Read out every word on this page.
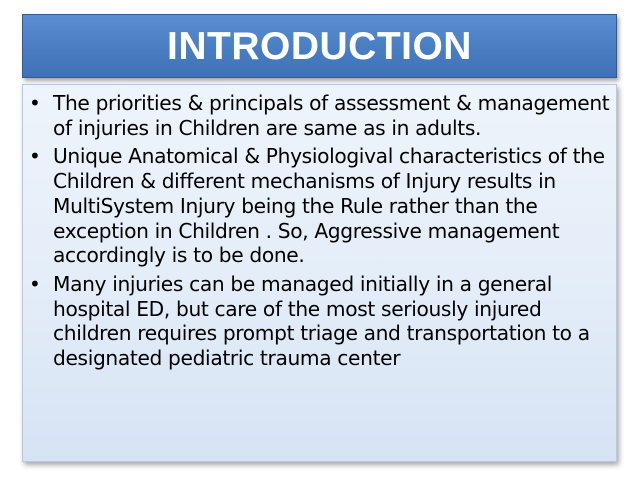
INTRODUCTION
• The priorities & principals of assessment & management of injuries in Children are same as in adults.
• Unique Anatomical & Physiologival characteristics of the Children & different mechanisms of Injury results in MultiSystem Injury being the Rule rather than the exception in Children . So, Aggressive management accordingly is to be done.
• Many injuries can be managed initially in a general hospital ED, but care of the most seriously injured children requires prompt triage and transportation to a designated pediatric trauma center
